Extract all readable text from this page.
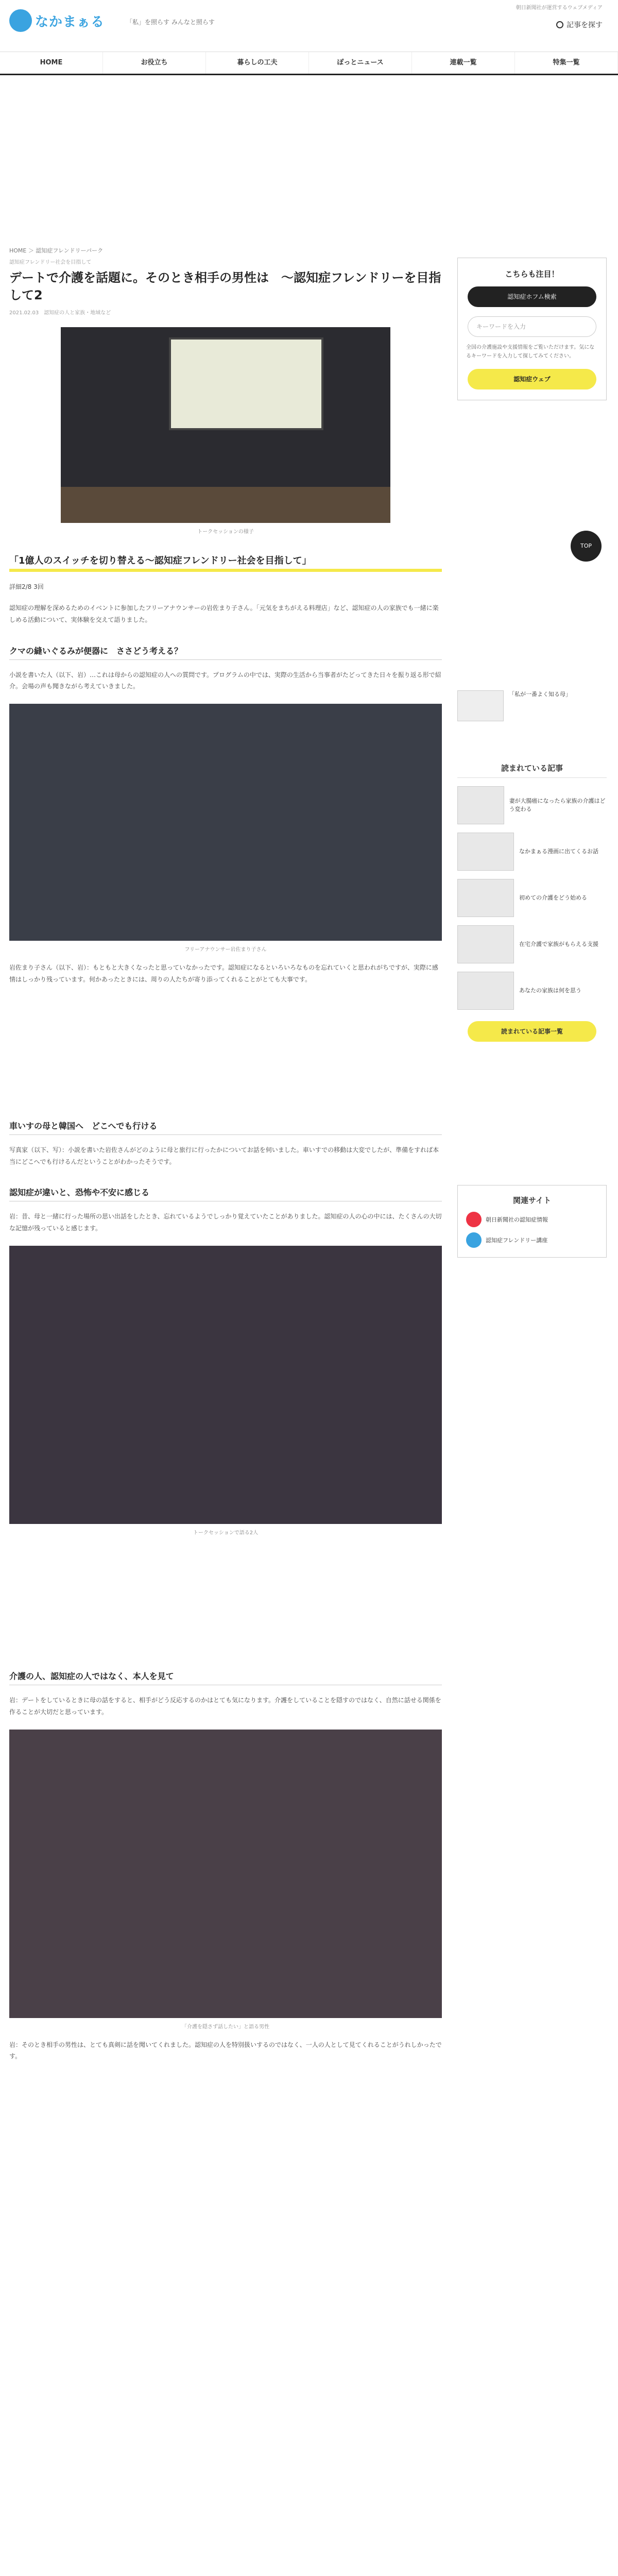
なかまぁる	「私」を照らす みんなと照らす
朝日新聞社が運営するウェブメディア
記事を探す
HOME	お役立ち	暮らしの工夫	ぽっとニュース	連載一覧	特集一覧
HOME ＞ 認知症フレンドリーパーク
認知症フレンドリー社会を目指して
デートで介護を話題に。そのとき相手の男性は　〜認知症フレンドリーを目指して2
2021.02.03　認知症の人と家族・地域など
トークセッションの様子
「1億人のスイッチを切り替える〜認知症フレンドリー社会を目指して」
詳細2/8 3回

認知症の理解を深めるためのイベントに参加したフリーアナウンサーの岩佐まり子さん。「元気をまちがえる料理店」など、認知症の人の家族でも一緒に楽しめる活動について、実体験を交えて語りました。

クマの縫いぐるみが便器に　ささどう考える？

小説を書いた人（以下、岩）…これは母からの認知症の人への質問です。プログラムの中では、実際の生活から当事者がたどってきた日々を振り返る形で紹介。会場の声も聞きながら考えていきました。

フリーアナウンサー岩佐まり子さん

岩佐まり子さん（以下、岩）：もともと大きくなったと思っていなかったです。認知症になるといろいろなものを忘れていくと思われがちですが、実際に感情はしっかり残っています。何かあったときには、周りの人たちが寄り添ってくれることがとても大事です。

車いすの母と韓国へ　どこへでも行ける

写真家（以下、写）：小説を書いた岩佐さんがどのように母と旅行に行ったかについてお話を伺いました。車いすでの移動は大変でしたが、準備をすれば本当にどこへでも行けるんだということがわかったそうです。

認知症が違いと、恐怖や不安に感じる

岩：昔、母と一緒に行った場所の思い出話をしたとき、忘れているようでしっかり覚えていたことがありました。認知症の人の心の中には、たくさんの大切な記憶が残っていると感じます。

トークセッションで語る2人
介護の人、認知症の人ではなく、本人を見て

岩：デートをしているときに母の話をすると、相手がどう反応するのかはとても気になります。介護をしていることを隠すのではなく、自然に話せる関係を作ることが大切だと思っています。

「介護を隠さず話したい」と語る男性

岩：そのとき相手の男性は、とても真剣に話を聞いてくれました。認知症の人を特別扱いするのではなく、一人の人として見てくれることがうれしかったです。

こちらも注目！
認知症ホフム検索
キーワードを入力
全国の介護施設や支援情報をご覧いただけます。気になるキーワードを入力して探してみてください。
認知症ウェブ
TOP
「私が一番よく知る母」
読まれている記事
妻が大腸癌になったら家族の介護はどう変わる
なかまぁる漫画に出てくるお話
初めての介護をどう始める
在宅介護で家族がもらえる支援
あなたの家族は何を思う
読まれている記事一覧
関連サイト
朝日新聞社の認知症情報
認知症フレンドリー講座
